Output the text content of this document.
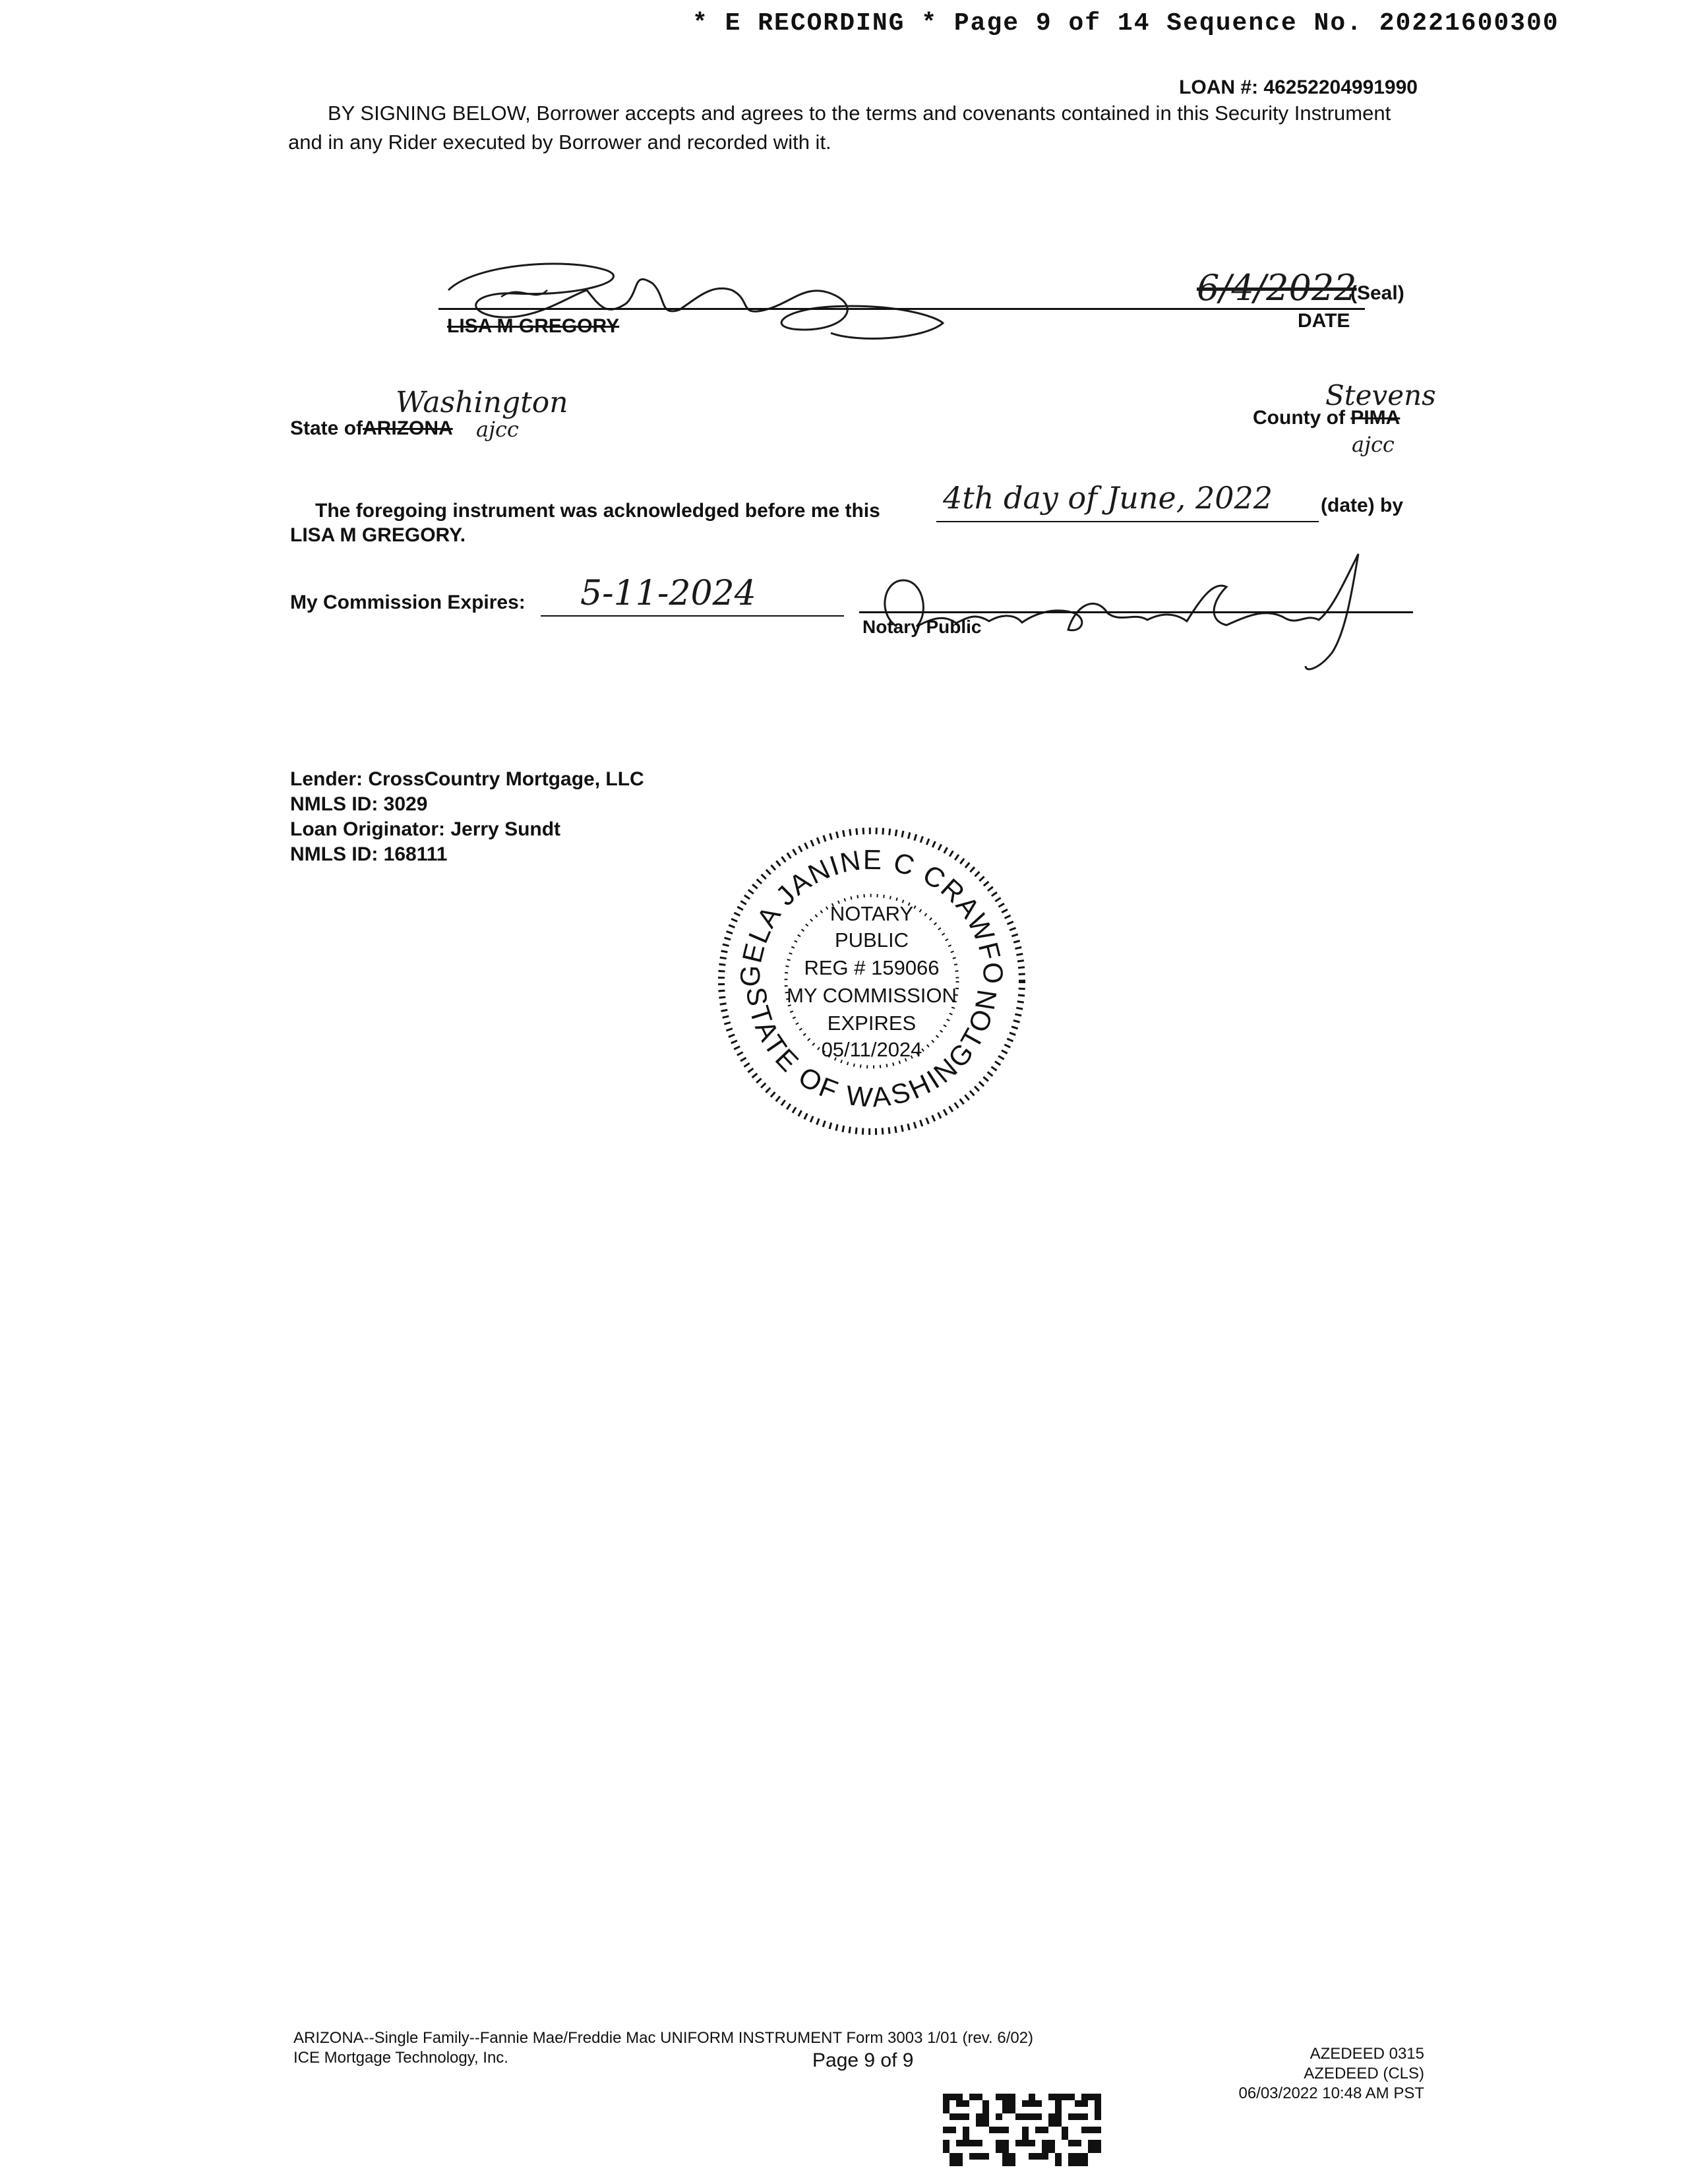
* E RECORDING * Page 9 of 14 Sequence No. 20221600300
LOAN #: 46252204991990
BY SIGNING BELOW, Borrower accepts and agrees to the terms and covenants contained in this Security Instrument and in any Rider executed by Borrower and recorded with it.
6/4/2022
(Seal)
LISA M GREGORY	DATE
Washington
State ofARIZONA ajcc
Stevens
County of PIMA
ajcc
The foregoing instrument was acknowledged before me this 4th day of June, 2022 (date) by
LISA M GREGORY.
My Commission Expires: 5-11-2024
Notary Public
Lender: CrossCountry Mortgage, LLC
NMLS ID: 3029
Loan Originator: Jerry Sundt
NMLS ID: 168111
ANGELA JANINE C CRAWFORD
STATE OF WASHINGTON
NOTARY
PUBLIC
REG # 159066
MY COMMISSION
EXPIRES
05/11/2024
ARIZONA--Single Family--Fannie Mae/Freddie Mac UNIFORM INSTRUMENT Form 3003 1/01 (rev. 6/02)
ICE Mortgage Technology, Inc.	Page 9 of 9	AZEDEED 0315
AZEDEED (CLS)
06/03/2022 10:48 AM PST
